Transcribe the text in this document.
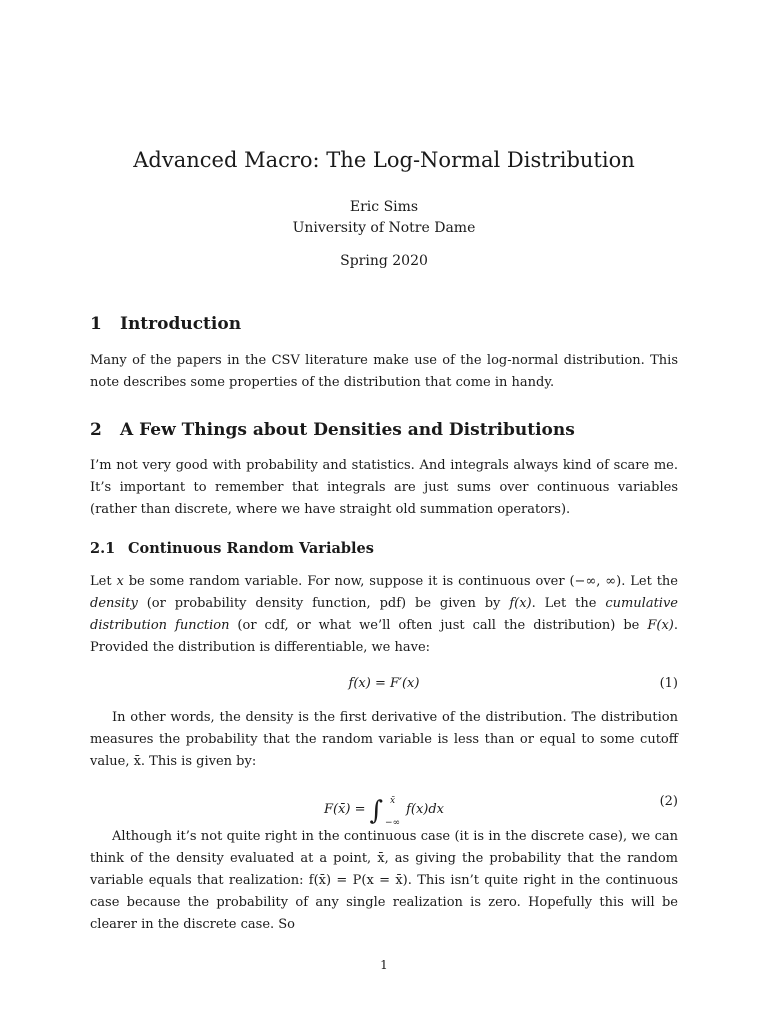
Advanced Macro: The Log-Normal Distribution
Eric Sims
University of Notre Dame
Spring 2020
1 Introduction
Many of the papers in the CSV literature make use of the log-normal distribution. This note describes some properties of the distribution that come in handy.
2 A Few Things about Densities and Distributions
I’m not very good with probability and statistics. And integrals always kind of scare me. It’s important to remember that integrals are just sums over continuous variables (rather than discrete, where we have straight old summation operators).
2.1 Continuous Random Variables
Let x be some random variable. For now, suppose it is continuous over (−∞, ∞). Let the density (or probability density function, pdf) be given by f(x). Let the cumulative distribution function (or cdf, or what we’ll often just call the distribution) be F(x). Provided the distribution is differentiable, we have:
f(x) = F′(x)	(1)
In other words, the density is the first derivative of the distribution. The distribution measures the probability that the random variable is less than or equal to some cutoff value, x̄. This is given by:
F(x̄) = ∫ x̄
−∞
f(x)dx
(2)
Although it’s not quite right in the continuous case (it is in the discrete case), we can think of the density evaluated at a point, x̄, as giving the probability that the random variable equals that realization: f(x̄) = P(x = x̄). This isn’t quite right in the continuous case because the probability of any single realization is zero. Hopefully this will be clearer in the discrete case. So
1
